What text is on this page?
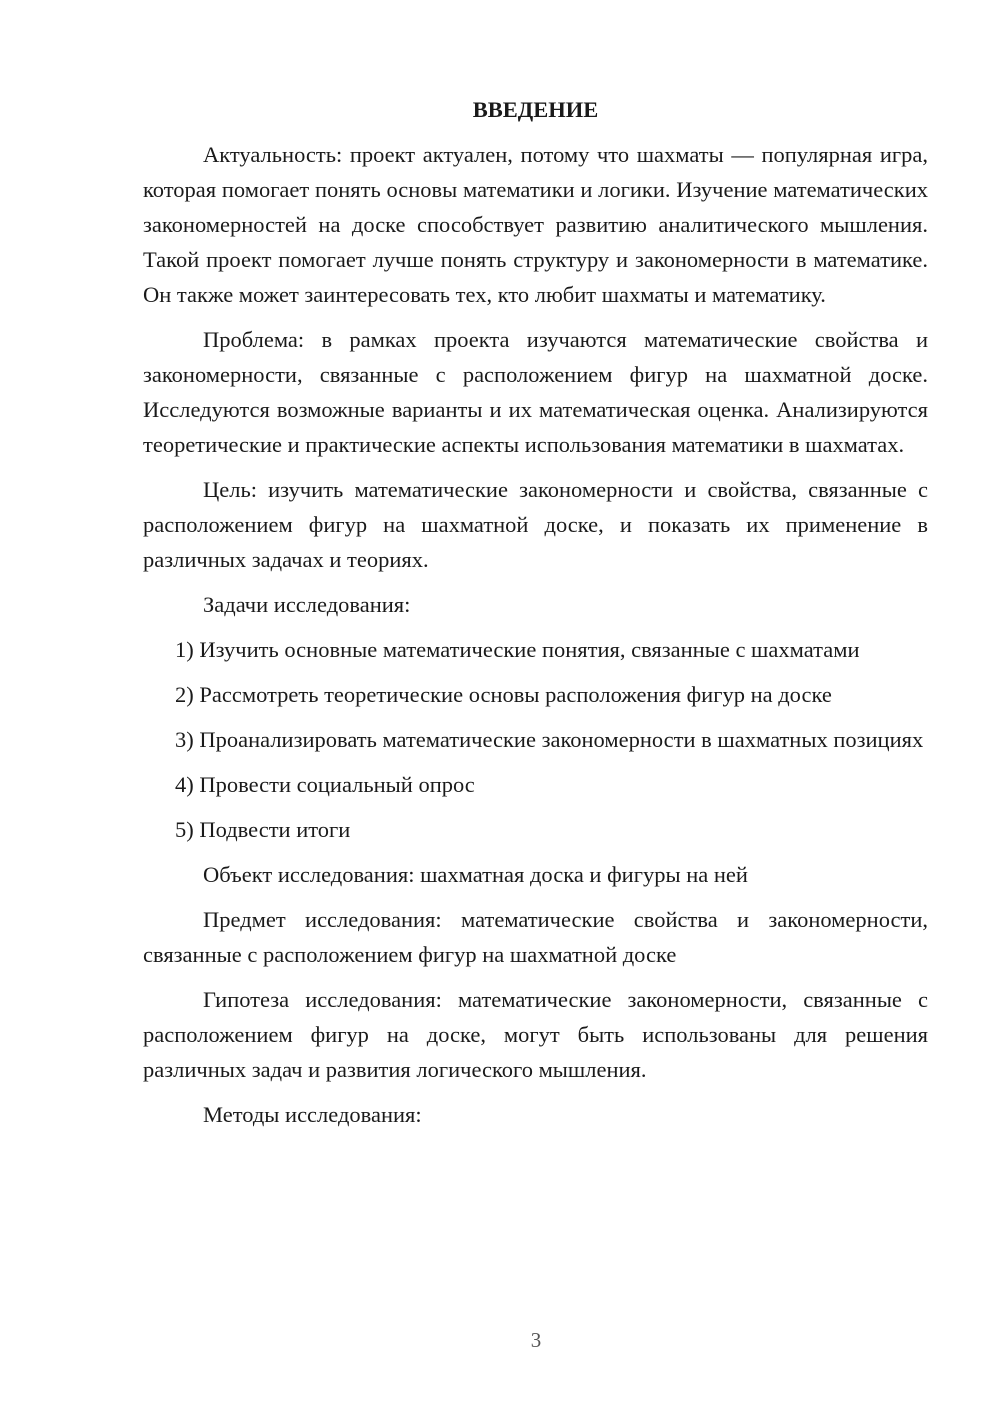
ВВЕДЕНИЕ

Актуальность: проект актуален, потому что шахматы — популярная игра, которая помогает понять основы математики и логики. Изучение математических закономерностей на доске способствует развитию аналитического мышления. Такой проект помогает лучше понять структуру и закономерности в математике. Он также может заинтересовать тех, кто любит шахматы и математику.

Проблема: в рамках проекта изучаются математические свойства и закономерности, связанные с расположением фигур на шахматной доске. Исследуются возможные варианты и их математическая оценка. Анализируются теоретические и практические аспекты использования математики в шахматах.

Цель: изучить математические закономерности и свойства, связанные с расположением фигур на шахматной доске, и показать их применение в различных задачах и теориях.

Задачи исследования:

1) Изучить основные математические понятия, связанные с шахматами

2) Рассмотреть теоретические основы расположения фигур на доске

3) Проанализировать математические закономерности в шахматных позициях

4) Провести социальный опрос

5) Подвести итоги

Объект исследования: шахматная доска и фигуры на ней

Предмет исследования: математические свойства и закономерности, связанные с расположением фигур на шахматной доске

Гипотеза исследования: математические закономерности, связанные с расположением фигур на доске, могут быть использованы для решения различных задач и развития логического мышления.

Методы исследования:

3
